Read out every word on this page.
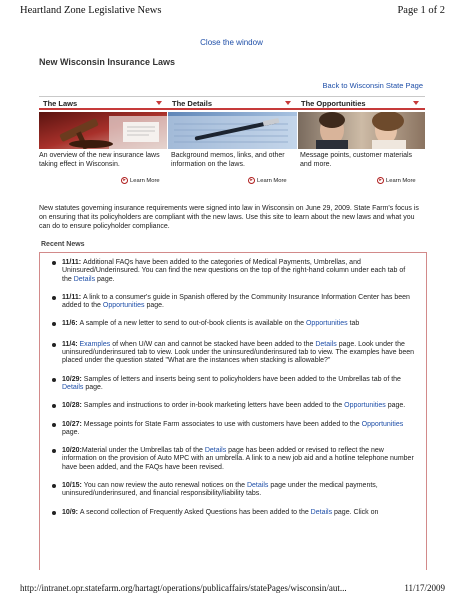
Heartland Zone Legislative News	Page 1 of 2
Close the window
New Wisconsin Insurance Laws
Back to Wisconsin State Page
The Laws	The Details	The Opportunities
An overview of the new insurance laws taking effect in Wisconsin.
Background memos, links, and other information on the laws.
Message points, customer materials and more.
▸ Learn More	▸ Learn More	▸ Learn More
New statutes governing insurance requirements were signed into law in Wisconsin on June 29, 2009. State Farm's focus is on ensuring that its policyholders are compliant with the new laws. Use this site to learn about the new laws and what you can do to ensure policyholder compliance.
Recent News
11/11: Additional FAQs have been added to the categories of Medical Payments, Umbrellas, and Uninsured/Underinsured. You can find the new questions on the top of the right-hand column under each tab of the Details page.
11/11: A link to a consumer's guide in Spanish offered by the Community Insurance Information Center has been added to the Opportunities page.
11/6: A sample of a new letter to send to out-of-book clients is available on the Opportunities tab
11/4: Examples of when U/W can and cannot be stacked have been added to the Details page. Look under the uninsured/underinsured tab to view. Look under the uninsured/underinsured tab to view. The examples have been placed under the question stated "What are the instances when stacking is allowable?"
10/29: Samples of letters and inserts being sent to policyholders have been added to the Umbrellas tab of the Details page.
10/28: Samples and instructions to order in-book marketing letters have been added to the Opportunities page.
10/27: Message points for State Farm associates to use with customers have been added to the Opportunities page.
10/20:Material under the Umbrellas tab of the Details page has been added or revised to reflect the new information on the provision of Auto MPC with an umbrella. A link to a new job aid and a hotline telephone number have been added, and the FAQs have been revised.
10/15: You can now review the auto renewal notices on the Details page under the medical payments, uninsured/underinsured, and financial responsibility/liability tabs.
10/9: A second collection of Frequently Asked Questions has been added to the Details page. Click on
http://intranet.opr.statefarm.org/hartagt/operations/publicaffairs/statePages/wisconsin/aut...	11/17/2009
